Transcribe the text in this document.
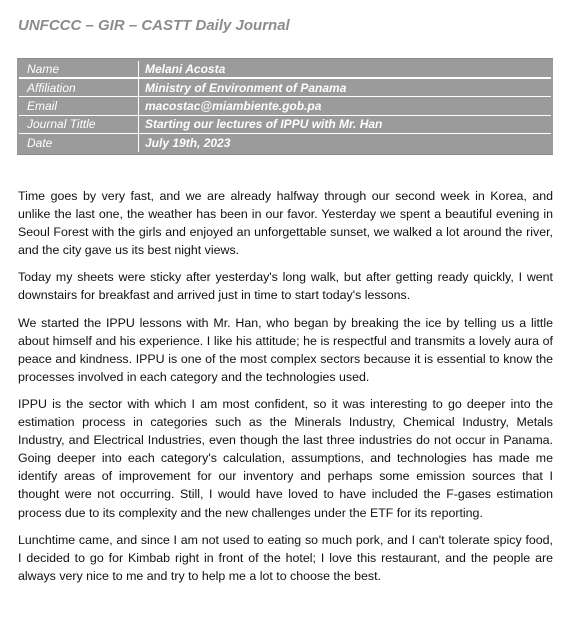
UNFCCC – GIR – CASTT Daily Journal
Name	Melani Acosta
Affiliation	Ministry of Environment of Panama
Email	macostac@miambiente.gob.pa
Journal Tittle	Starting our lectures of IPPU with Mr. Han
Date	July 19th, 2023

Time goes by very fast, and we are already halfway through our second week in Korea, and unlike the last one, the weather has been in our favor. Yesterday we spent a beautiful evening in Seoul Forest with the girls and enjoyed an unforgettable sunset, we walked a lot around the river, and the city gave us its best night views.

Today my sheets were sticky after yesterday's long walk, but after getting ready quickly, I went downstairs for breakfast and arrived just in time to start today's lessons.

We started the IPPU lessons with Mr. Han, who began by breaking the ice by telling us a little about himself and his experience. I like his attitude; he is respectful and transmits a lovely aura of peace and kindness. IPPU is one of the most complex sectors because it is essential to know the processes involved in each category and the technologies used.

IPPU is the sector with which I am most confident, so it was interesting to go deeper into the estimation process in categories such as the Minerals Industry, Chemical Industry, Metals Industry, and Electrical Industries, even though the last three industries do not occur in Panama. Going deeper into each category's calculation, assumptions, and technologies has made me identify areas of improvement for our inventory and perhaps some emission sources that I thought were not occurring. Still, I would have loved to have included the F-gases estimation process due to its complexity and the new challenges under the ETF for its reporting.

Lunchtime came, and since I am not used to eating so much pork, and I can't tolerate spicy food, I decided to go for Kimbab right in front of the hotel; I love this restaurant, and the people are always very nice to me and try to help me a lot to choose the best.
